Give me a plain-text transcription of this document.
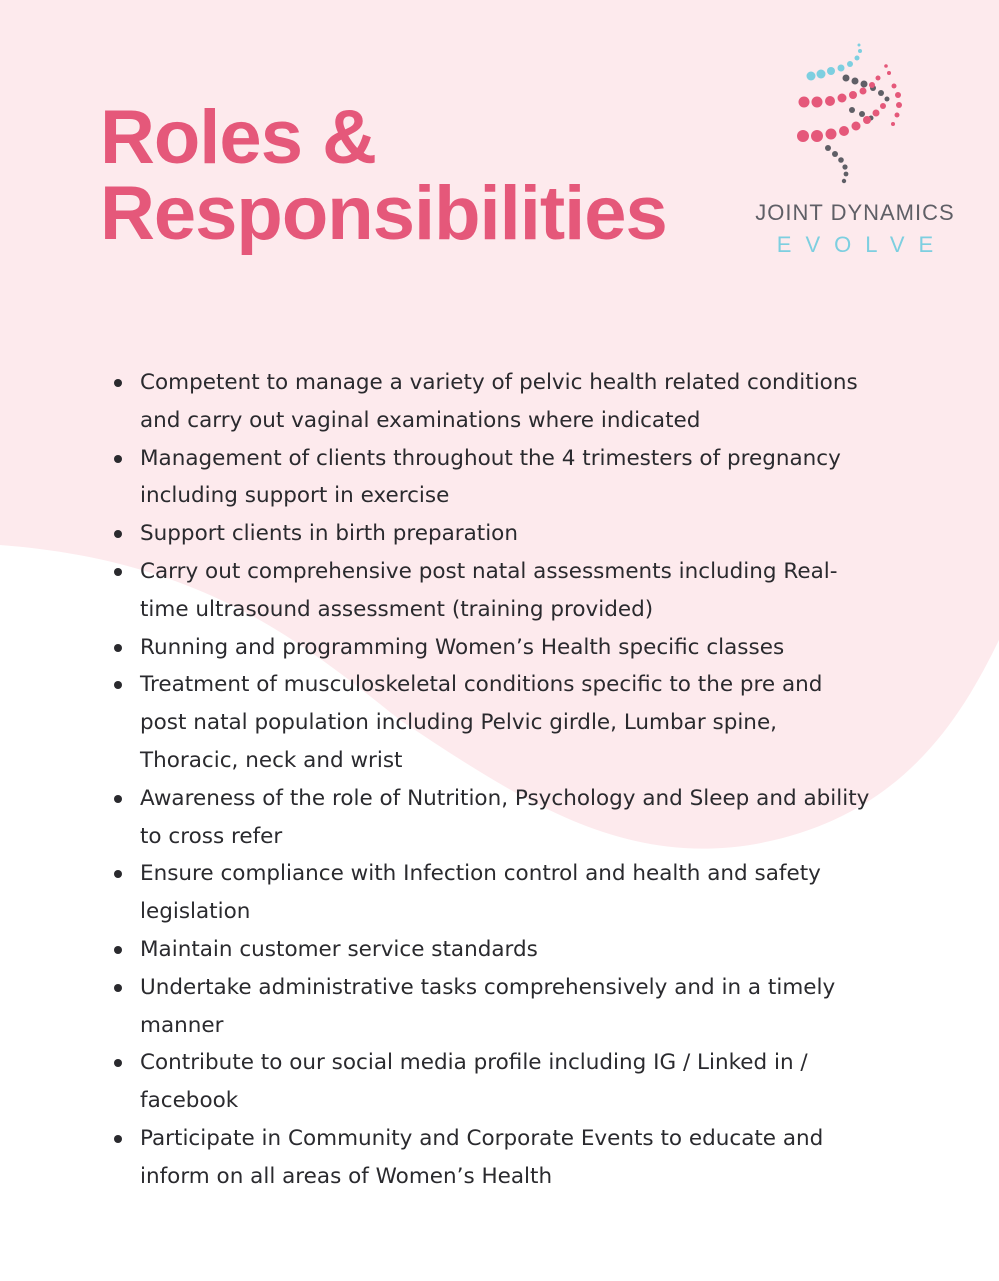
Roles &
Responsibilities	JOINT DYNAMICS
EVOLVE
Competent to manage a variety of pelvic health related conditions and carry out vaginal examinations where indicated
Management of clients throughout the 4 trimesters of pregnancy including support in exercise
Support clients in birth preparation
Carry out comprehensive post natal assessments including Real-time ultrasound assessment (training provided)
Running and programming Women’s Health specific classes
Treatment of musculoskeletal conditions specific to the pre and post natal population including Pelvic girdle, Lumbar spine, Thoracic, neck and wrist
Awareness of the role of Nutrition, Psychology and Sleep and ability to cross refer
Ensure compliance with Infection control and health and safety legislation
Maintain customer service standards
Undertake administrative tasks comprehensively and in a timely manner
Contribute to our social media profile including IG / Linked in / facebook
Participate in Community and Corporate Events to educate and inform on all areas of Women’s Health
